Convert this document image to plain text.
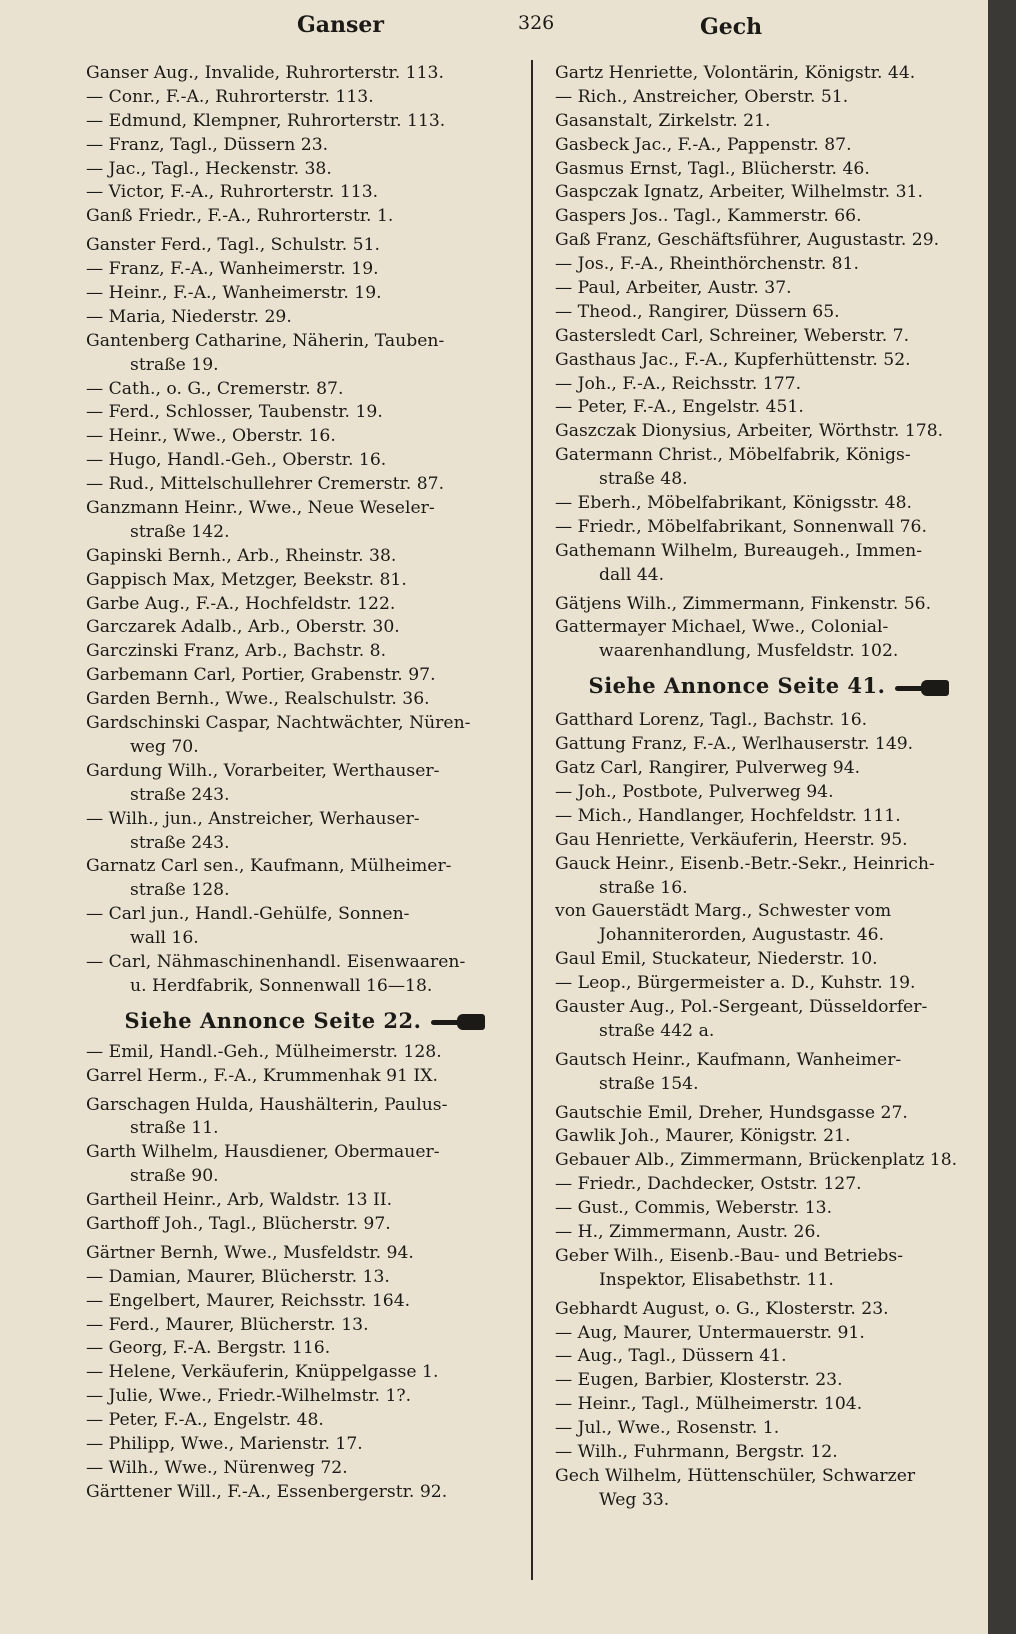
Ganser	326	Gech
Ganser Aug., Invalide, Ruhrorterstr. 113.
— Conr., F.-A., Ruhrorterstr. 113.
— Edmund, Klempner, Ruhrorterstr. 113.
— Franz, Tagl., Düssern 23.
— Jac., Tagl., Heckenstr. 38.
— Victor, F.-A., Ruhrorterstr. 113.
Ganß Friedr., F.-A., Ruhrorterstr. 1.
Ganster Ferd., Tagl., Schulstr. 51.
— Franz, F.-A., Wanheimerstr. 19.
— Heinr., F.-A., Wanheimerstr. 19.
— Maria, Niederstr. 29.
Gantenberg Catharine, Näherin, Tauben-
straße 19.
— Cath., o. G., Cremerstr. 87.
— Ferd., Schlosser, Taubenstr. 19.
— Heinr., Wwe., Oberstr. 16.
— Hugo, Handl.-Geh., Oberstr. 16.
— Rud., Mittelschullehrer Cremerstr. 87.
Ganzmann Heinr., Wwe., Neue Weseler-
straße 142.
Gapinski Bernh., Arb., Rheinstr. 38.
Gappisch Max, Metzger, Beekstr. 81.
Garbe Aug., F.-A., Hochfeldstr. 122.
Garczarek Adalb., Arb., Oberstr. 30.
Garczinski Franz, Arb., Bachstr. 8.
Garbemann Carl, Portier, Grabenstr. 97.
Garden Bernh., Wwe., Realschulstr. 36.
Gardschinski Caspar, Nachtwächter, Nüren-
weg 70.
Gardung Wilh., Vorarbeiter, Werthauser-
straße 243.
— Wilh., jun., Anstreicher, Werhauser-
straße 243.
Garnatz Carl sen., Kaufmann, Mülheimer-
straße 128.
— Carl jun., Handl.-Gehülfe, Sonnen-
wall 16.
— Carl, Nähmaschinenhandl. Eisenwaaren-
u. Herdfabrik, Sonnenwall 16—18.
Siehe Annonce Seite 22.
— Emil, Handl.-Geh., Mülheimerstr. 128.
Garrel Herm., F.-A., Krummenhak 91 IX.
Garschagen Hulda, Haushälterin, Paulus-
straße 11.
Garth Wilhelm, Hausdiener, Obermauer-
straße 90.
Gartheil Heinr., Arb, Waldstr. 13 II.
Garthoff Joh., Tagl., Blücherstr. 97.
Gärtner Bernh, Wwe., Musfeldstr. 94.
— Damian, Maurer, Blücherstr. 13.
— Engelbert, Maurer, Reichsstr. 164.
— Ferd., Maurer, Blücherstr. 13.
— Georg, F.-A. Bergstr. 116.
— Helene, Verkäuferin, Knüppelgasse 1.
— Julie, Wwe., Friedr.-Wilhelmstr. 1?.
— Peter, F.-A., Engelstr. 48.
— Philipp, Wwe., Marienstr. 17.
— Wilh., Wwe., Nürenweg 72.
Gärttener Will., F.-A., Essenbergerstr. 92.
Gartz Henriette, Volontärin, Königstr. 44.
— Rich., Anstreicher, Oberstr. 51.
Gasanstalt, Zirkelstr. 21.
Gasbeck Jac., F.-A., Pappenstr. 87.
Gasmus Ernst, Tagl., Blücherstr. 46.
Gaspczak Ignatz, Arbeiter, Wilhelmstr. 31.
Gaspers Jos.. Tagl., Kammerstr. 66.
Gaß Franz, Geschäftsführer, Augustastr. 29.
— Jos., F.-A., Rheinthörchenstr. 81.
— Paul, Arbeiter, Austr. 37.
— Theod., Rangirer, Düssern 65.
Gastersledt Carl, Schreiner, Weberstr. 7.
Gasthaus Jac., F.-A., Kupferhüttenstr. 52.
— Joh., F.-A., Reichsstr. 177.
— Peter, F.-A., Engelstr. 451.
Gaszczak Dionysius, Arbeiter, Wörthstr. 178.
Gatermann Christ., Möbelfabrik, Königs-
straße 48.
— Eberh., Möbelfabrikant, Königsstr. 48.
— Friedr., Möbelfabrikant, Sonnenwall 76.
Gathemann Wilhelm, Bureaugeh., Immen-
dall 44.
Gätjens Wilh., Zimmermann, Finkenstr. 56.
Gattermayer Michael, Wwe., Colonial-
waarenhandlung, Musfeldstr. 102.
Siehe Annonce Seite 41.
Gatthard Lorenz, Tagl., Bachstr. 16.
Gattung Franz, F.-A., Werlhauserstr. 149.
Gatz Carl, Rangirer, Pulverweg 94.
— Joh., Postbote, Pulverweg 94.
— Mich., Handlanger, Hochfeldstr. 111.
Gau Henriette, Verkäuferin, Heerstr. 95.
Gauck Heinr., Eisenb.-Betr.-Sekr., Heinrich-
straße 16.
von Gauerstädt Marg., Schwester vom
Johanniterorden, Augustastr. 46.
Gaul Emil, Stuckateur, Niederstr. 10.
— Leop., Bürgermeister a. D., Kuhstr. 19.
Gauster Aug., Pol.-Sergeant, Düsseldorfer-
straße 442 a.
Gautsch Heinr., Kaufmann, Wanheimer-
straße 154.
Gautschie Emil, Dreher, Hundsgasse 27.
Gawlik Joh., Maurer, Königstr. 21.
Gebauer Alb., Zimmermann, Brückenplatz 18.
— Friedr., Dachdecker, Oststr. 127.
— Gust., Commis, Weberstr. 13.
— H., Zimmermann, Austr. 26.
Geber Wilh., Eisenb.-Bau- und Betriebs-
Inspektor, Elisabethstr. 11.
Gebhardt August, o. G., Klosterstr. 23.
— Aug, Maurer, Untermauerstr. 91.
— Aug., Tagl., Düssern 41.
— Eugen, Barbier, Klosterstr. 23.
— Heinr., Tagl., Mülheimerstr. 104.
— Jul., Wwe., Rosenstr. 1.
— Wilh., Fuhrmann, Bergstr. 12.
Gech Wilhelm, Hüttenschüler, Schwarzer
Weg 33.
